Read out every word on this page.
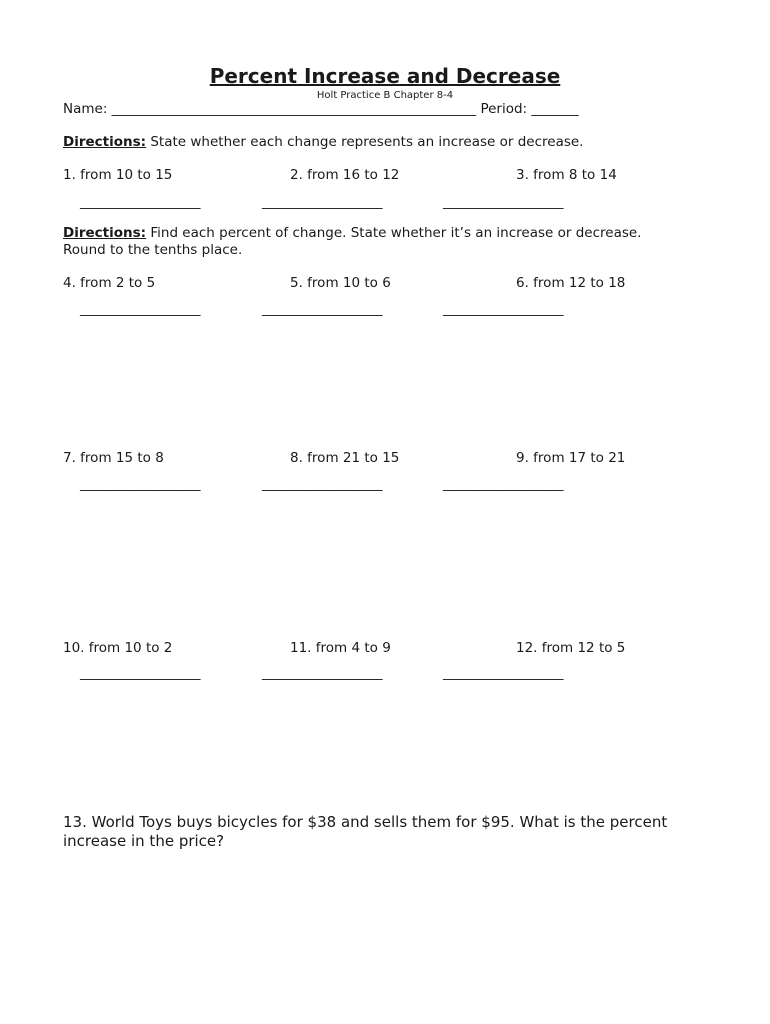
Percent Increase and Decrease
Holt Practice B Chapter 8-4
Name: ______________________________________________________ Period: _______
Directions: State whether each change represents an increase or decrease.
1. from 10 to 15	2. from 16 to 12	3. from 8 to 14
____________________	____________________	____________________
Directions: Find each percent of change. State whether it’s an increase or decrease.
Round to the tenths place.
4. from 2 to 5	5. from 10 to 6	6. from 12 to 18
____________________	____________________	____________________
7. from 15 to 8	8. from 21 to 15	9. from 17 to 21
____________________	____________________	____________________
10. from 10 to 2	11. from 4 to 9	12. from 12 to 5
____________________	____________________	____________________
13. World Toys buys bicycles for $38 and sells them for $95. What is the percent increase in the price?
